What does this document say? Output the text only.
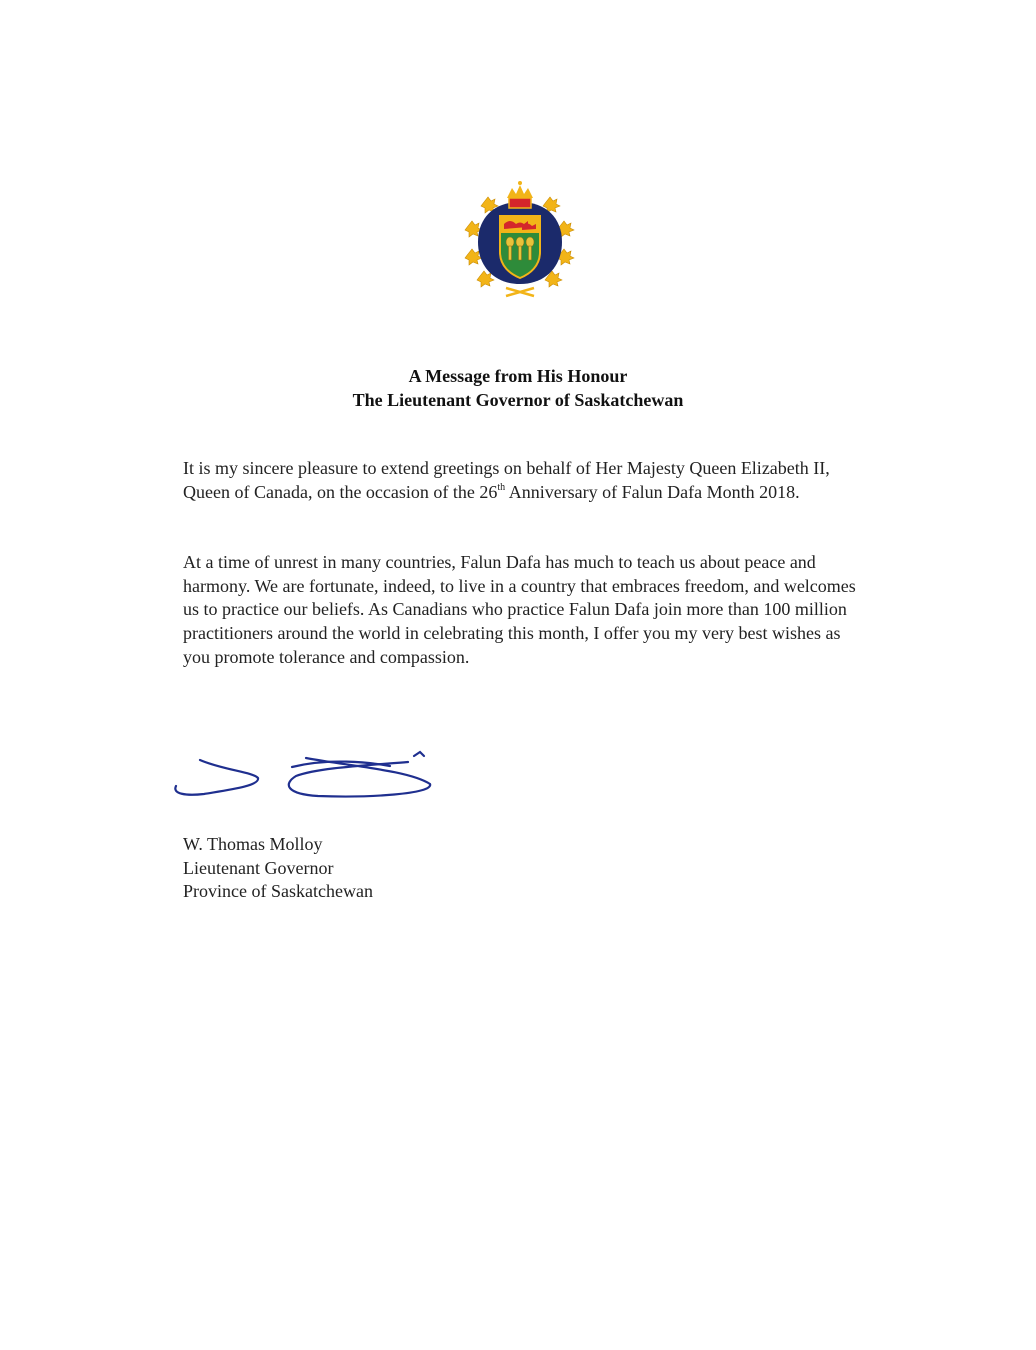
A Message from His Honour
The Lieutenant Governor of Saskatchewan
It is my sincere pleasure to extend greetings on behalf of Her Majesty Queen Elizabeth II, Queen of Canada, on the occasion of the 26th Anniversary of Falun Dafa Month 2018.
At a time of unrest in many countries, Falun Dafa has much to teach us about peace and harmony. We are fortunate, indeed, to live in a country that embraces freedom, and welcomes us to practice our beliefs. As Canadians who practice Falun Dafa join more than 100 million practitioners around the world in celebrating this month, I offer you my very best wishes as you promote tolerance and compassion.
W. Thomas Molloy
Lieutenant Governor
Province of Saskatchewan
